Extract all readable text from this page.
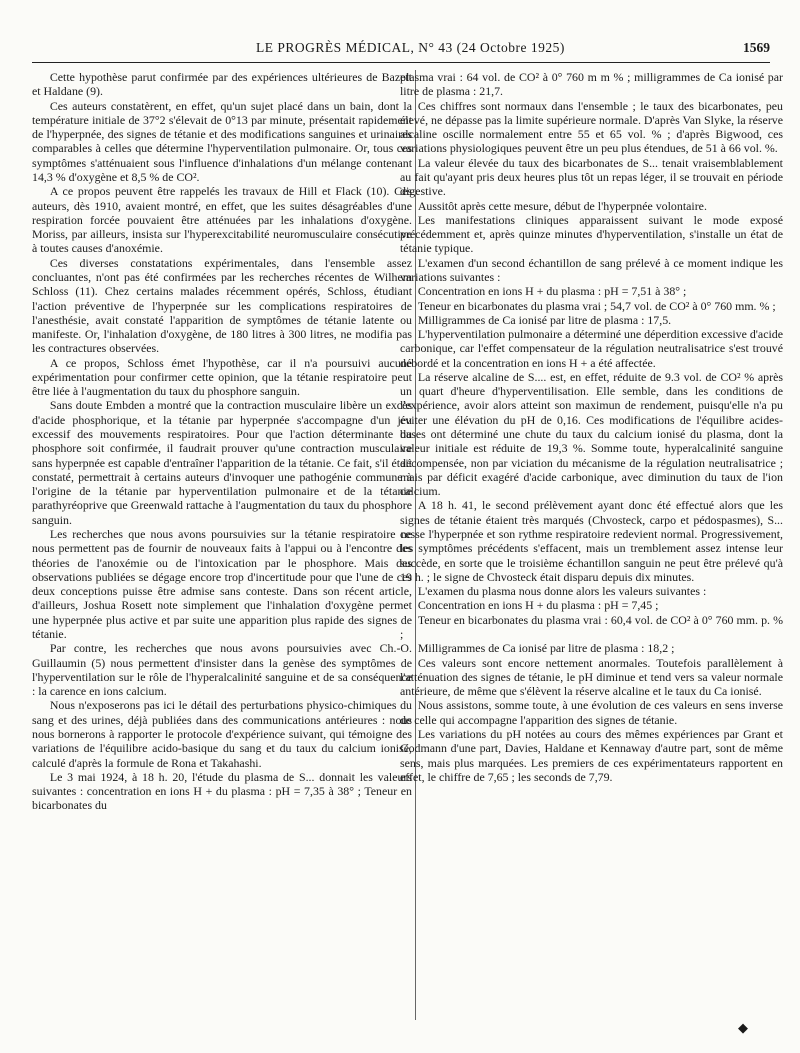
LE PROGRÈS MÉDICAL, N° 43 (24 Octobre 1925)	1569

Cette hypothèse parut confirmée par des expériences ultérieures de Bazett et Haldane (9).

Ces auteurs constatèrent, en effet, qu'un sujet placé dans un bain, dont la température initiale de 37°2 s'élevait de 0°13 par minute, présentait rapidement de l'hyperpnée, des signes de tétanie et des modifications sanguines et urinaires comparables à celles que détermine l'hyperventilation pulmonaire. Or, tous ces symptômes s'atténuaient sous l'influence d'inhalations d'un mélange contenant 14,3 % d'oxygène et 8,5 % de CO².

A ce propos peuvent être rappelés les travaux de Hill et Flack (10). Ces auteurs, dès 1910, avaient montré, en effet, que les suites désagréables d'une respiration forcée pouvaient être atténuées par les inhalations d'oxygène. Moriss, par ailleurs, insista sur l'hyperexcitabilité neuromusculaire consécutive à toutes causes d'anoxémie.

Ces diverses constatations expérimentales, dans l'ensemble assez concluantes, n'ont pas été confirmées par les recherches récentes de Wilhem Schloss (11). Chez certains malades récemment opérés, Schloss, étudiant l'action préventive de l'hyperpnée sur les complications respiratoires de l'anesthésie, avait constaté l'apparition de symptômes de tétanie latente ou manifeste. Or, l'inhalation d'oxygène, de 180 litres à 300 litres, ne modifia pas les contractures observées.

A ce propos, Schloss émet l'hypothèse, car il n'a poursuivi aucune expérimentation pour confirmer cette opinion, que la tétanie respiratoire peut être liée à l'augmentation du taux du phosphore sanguin.

Sans doute Embden a montré que la contraction musculaire libère un excès d'acide phosphorique, et la tétanie par hyperpnée s'accompagne d'un jeu excessif des mouvements respiratoires. Pour que l'action déterminante du phosphore soit confirmée, il faudrait prouver qu'une contraction musculaire sans hyperpnée est capable d'entraîner l'apparition de la tétanie. Ce fait, s'il était constaté, permettrait à certains auteurs d'invoquer une pathogénie commune à l'origine de la tétanie par hyperventilation pulmonaire et de la tétanie parathyréoprive que Greenwald rattache à l'augmentation du taux du phosphore sanguin.

Les recherches que nous avons poursuivies sur la tétanie respiratoire ne nous permettent pas de fournir de nouveaux faits à l'appui ou à l'encontre des théories de l'anoxémie ou de l'intoxication par le phosphore. Mais des observations publiées se dégage encore trop d'incertitude pour que l'une de ces deux conceptions puisse être admise sans conteste. Dans son récent article, d'ailleurs, Joshua Rosett note simplement que l'inhalation d'oxygène permet une hyperpnée plus active et par suite une apparition plus rapide des signes de tétanie.

Par contre, les recherches que nous avons poursuivies avec Ch.-O. Guillaumin (5) nous permettent d'insister dans la genèse des symptômes de l'hyperventilation sur le rôle de l'hyperalcalinité sanguine et de sa conséquence : la carence en ions calcium.

Nous n'exposerons pas ici le détail des perturbations physico-chimiques du sang et des urines, déjà publiées dans des communications antérieures : nous nous bornerons à rapporter le protocole d'expérience suivant, qui témoigne des variations de l'équilibre acido-basique du sang et du taux du calcium ionisé, calculé d'après la formule de Rona et Takahashi.

Le 3 mai 1924, à 18 h. 20, l'étude du plasma de S... donnait les valeurs suivantes : concentration en ions H + du plasma : pH = 7,35 à 38° ; Teneur en bicarbonates du

plasma vrai : 64 vol. de CO² à 0° 760 m m % ; milligrammes de Ca ionisé par litre de plasma : 21,7.

Ces chiffres sont normaux dans l'ensemble ; le taux des bicarbonates, peu élevé, ne dépasse pas la limite supérieure normale. D'après Van Slyke, la réserve alcaline oscille normalement entre 55 et 65 vol. % ; d'après Bigwood, ces variations physiologiques peuvent être un peu plus étendues, de 51 à 66 vol. %.

La valeur élevée du taux des bicarbonates de S... tenait vraisemblablement au fait qu'ayant pris deux heures plus tôt un repas léger, il se trouvait en période digestive.

Aussitôt après cette mesure, début de l'hyperpnée volontaire.

Les manifestations cliniques apparaissent suivant le mode exposé précédemment et, après quinze minutes d'hyperventilation, s'installe un état de tétanie typique.

L'examen d'un second échantillon de sang prélevé à ce moment indique les variations suivantes :

Concentration en ions H + du plasma : pH = 7,51 à 38° ;

Teneur en bicarbonates du plasma vrai ; 54,7 vol. de CO² à 0° 760 mm. % ;

Milligrammes de Ca ionisé par litre de plasma : 17,5.

L'hyperventilation pulmonaire a déterminé une déperdition excessive d'acide carbonique, car l'effet compensateur de la régulation neutralisatrice s'est trouvé débordé et la concentration en ions H + a été affectée.

La réserve alcaline de S.... est, en effet, réduite de 9.3 vol. de CO² % après un quart d'heure d'hyperventilisation. Elle semble, dans les conditions de l'expérience, avoir alors atteint son maximun de rendement, puisqu'elle n'a pu éviter une élévation du pH de 0,16. Ces modifications de l'équilibre acides-bases ont déterminé une chute du taux du calcium ionisé du plasma, dont la valeur initiale est réduite de 19,3 %. Somme toute, hyperalcalinité sanguine décompensée, non par viciation du mécanisme de la régulation neutralisatrice ; mais par déficit exagéré d'acide carbonique, avec diminution du taux de l'ion calcium.

A 18 h. 41, le second prélèvement ayant donc été effectué alors que les signes de tétanie étaient très marqués (Chvosteck, carpo et pédospasmes), S... cesse l'hyperpnée et son rythme respiratoire redevient normal. Progressivement, les symptômes précédents s'effacent, mais un tremblement assez intense leur succède, en sorte que le troisième échantillon sanguin ne peut être prélevé qu'à 19 h. ; le signe de Chvosteck était disparu depuis dix minutes.

L'examen du plasma nous donne alors les valeurs suivantes :

Concentration en ions H + du plasma : pH = 7,45 ;

Teneur en bicarbonates du plasma vrai : 60,4 vol. de CO² à 0° 760 mm. p. % ;

Milligrammes de Ca ionisé par litre de plasma : 18,2 ;

Ces valeurs sont encore nettement anormales. Toutefois parallèlement à l'atténuation des signes de tétanie, le pH diminue et tend vers sa valeur normale antérieure, de même que s'élèvent la réserve alcaline et le taux du Ca ionisé.

Nous assistons, somme toute, à une évolution de ces valeurs en sens inverse de celle qui accompagne l'apparition des signes de tétanie.

Les variations du pH notées au cours des mêmes expériences par Grant et Godmann d'une part, Davies, Haldane et Kennaway d'autre part, sont de même sens, mais plus marquées. Les premiers de ces expérimentateurs rapportent en effet, le chiffre de 7,65 ; les seconds de 7,79.

◆
